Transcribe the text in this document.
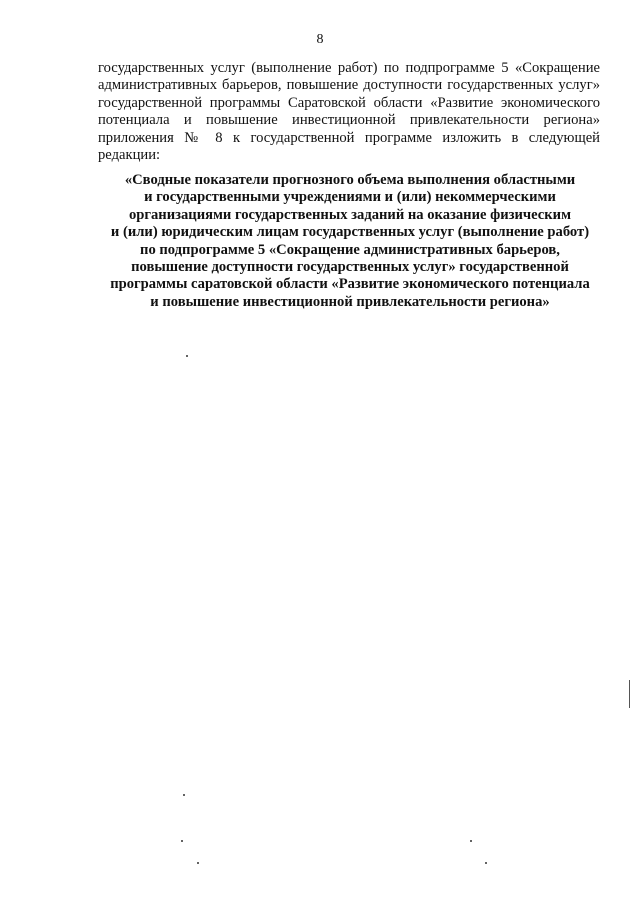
8
государственных услуг (выполнение работ) по подпрограмме 5 «Сокращение
административных барьеров, повышение доступности государственных услуг»
государственной программы Саратовской области «Развитие экономического
потенциала и повышение инвестиционной привлекательности региона»
приложения № 8 к государственной программе изложить в следующей
редакции:
«Сводные показатели прогнозного объема выполнения областными
и государственными учреждениями и (или) некоммерческими
организациями государственных заданий на оказание физическим
и (или) юридическим лицам государственных услуг (выполнение работ)
по подпрограмме 5 «Сокращение административных барьеров,
повышение доступности государственных услуг» государственной
программы саратовской области «Развитие экономического потенциала
и повышение инвестиционной привлекательности региона»
